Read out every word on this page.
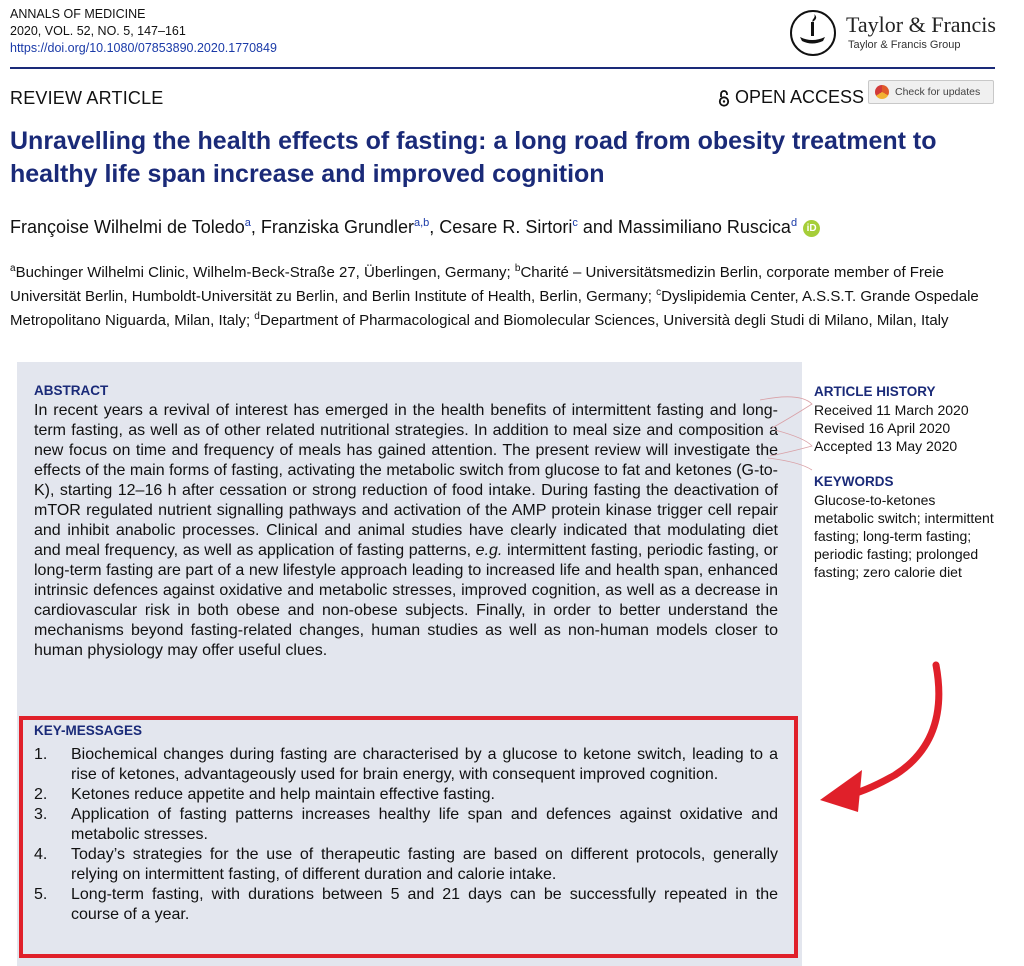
ANNALS OF MEDICINE
2020, VOL. 52, NO. 5, 147–161
https://doi.org/10.1080/07853890.2020.1770849
Taylor & Francis
Taylor & Francis Group
REVIEW ARTICLE	OPEN ACCESS	Check for updates
Unravelling the health effects of fasting: a long road from obesity treatment to healthy life span increase and improved cognition
Françoise Wilhelmi de Toledo$^a$, Franziska Grundler$^{a,b}$, Cesare R. Sirtori$^c$ and Massimiliano Ruscica$^d$ iD
$^a$Buchinger Wilhelmi Clinic, Wilhelm-Beck-Straße 27, Überlingen, Germany; $^b$Charité – Universitätsmedizin Berlin, corporate member of Freie Universität Berlin, Humboldt-Universität zu Berlin, and Berlin Institute of Health, Berlin, Germany; $^c$Dyslipidemia Center, A.S.S.T. Grande Ospedale Metropolitano Niguarda, Milan, Italy; $^d$Department of Pharmacological and Biomolecular Sciences, Università degli Studi di Milano, Milan, Italy
ABSTRACT

In recent years a revival of interest has emerged in the health benefits of intermittent fasting and long-term fasting, as well as of other related nutritional strategies. In addition to meal size and composition a new focus on time and frequency of meals has gained attention. The present review will investigate the effects of the main forms of fasting, activating the metabolic switch from glucose to fat and ketones (G-to-K), starting 12–16 h after cessation or strong reduction of food intake. During fasting the deactivation of mTOR regulated nutrient signalling pathways and activation of the AMP protein kinase trigger cell repair and inhibit anabolic processes. Clinical and animal studies have clearly indicated that modulating diet and meal frequency, as well as application of fasting patterns, e.g. intermittent fasting, periodic fasting, or long-term fasting are part of a new lifestyle approach leading to increased life and health span, enhanced intrinsic defences against oxidative and metabolic stresses, improved cognition, as well as a decrease in cardiovascular risk in both obese and non-obese subjects. Finally, in order to better understand the mechanisms beyond fasting-related changes, human studies as well as non-human models closer to human physiology may offer useful clues.

KEY-MESSAGES
1.	Biochemical changes during fasting are characterised by a glucose to ketone switch, leading to a rise of ketones, advantageously used for brain energy, with consequent improved cognition.
2.	Ketones reduce appetite and help maintain effective fasting.
3.	Application of fasting patterns increases healthy life span and defences against oxidative and metabolic stresses.
4.	Today’s strategies for the use of therapeutic fasting are based on different protocols, generally relying on intermittent fasting, of different duration and calorie intake.
5.	Long-term fasting, with durations between 5 and 21 days can be successfully repeated in the course of a year.
ARTICLE HISTORY
Received 11 March 2020
Revised 16 April 2020
Accepted 13 May 2020
KEYWORDS
Glucose-to-ketones metabolic switch; intermittent fasting; long-term fasting; periodic fasting; prolonged fasting; zero calorie diet
